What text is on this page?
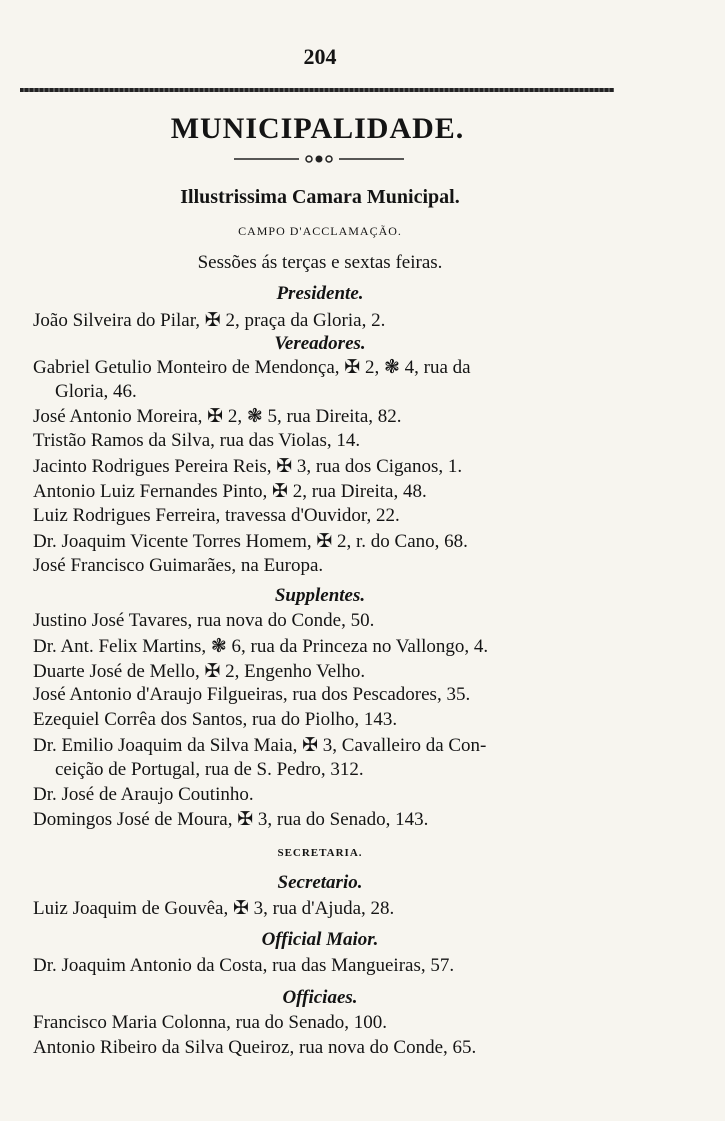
204
MUNICIPALIDADE.
Illustrissima Camara Municipal.
CAMPO D'ACCLAMAÇÃO.
Sessões ás terças e sextas feiras.
Presidente.
João Silveira do Pilar, ✠ 2, praça da Gloria, 2.
Vereadores.
Gabriel Getulio Monteiro de Mendonça, ✠ 2, ❃ 4, rua da
Gloria, 46.
José Antonio Moreira, ✠ 2, ❃ 5, rua Direita, 82.
Tristão Ramos da Silva, rua das Violas, 14.
Jacinto Rodrigues Pereira Reis, ✠ 3, rua dos Ciganos, 1.
Antonio Luiz Fernandes Pinto, ✠ 2, rua Direita, 48.
Luiz Rodrigues Ferreira, travessa d'Ouvidor, 22.
Dr. Joaquim Vicente Torres Homem, ✠ 2, r. do Cano, 68.
José Francisco Guimarães, na Europa.
Supplentes.
Justino José Tavares, rua nova do Conde, 50.
Dr. Ant. Felix Martins, ❃ 6, rua da Princeza no Vallongo, 4.
Duarte José de Mello, ✠ 2, Engenho Velho.
José Antonio d'Araujo Filgueiras, rua dos Pescadores, 35.
Ezequiel Corrêa dos Santos, rua do Piolho, 143.
Dr. Emilio Joaquim da Silva Maia, ✠ 3, Cavalleiro da Con-
ceição de Portugal, rua de S. Pedro, 312.
Dr. José de Araujo Coutinho.
Domingos José de Moura, ✠ 3, rua do Senado, 143.
SECRETARIA.
Secretario.
Luiz Joaquim de Gouvêa, ✠ 3, rua d'Ajuda, 28.
Official Maior.
Dr. Joaquim Antonio da Costa, rua das Mangueiras, 57.
Officiaes.
Francisco Maria Colonna, rua do Senado, 100.
Antonio Ribeiro da Silva Queiroz, rua nova do Conde, 65.
